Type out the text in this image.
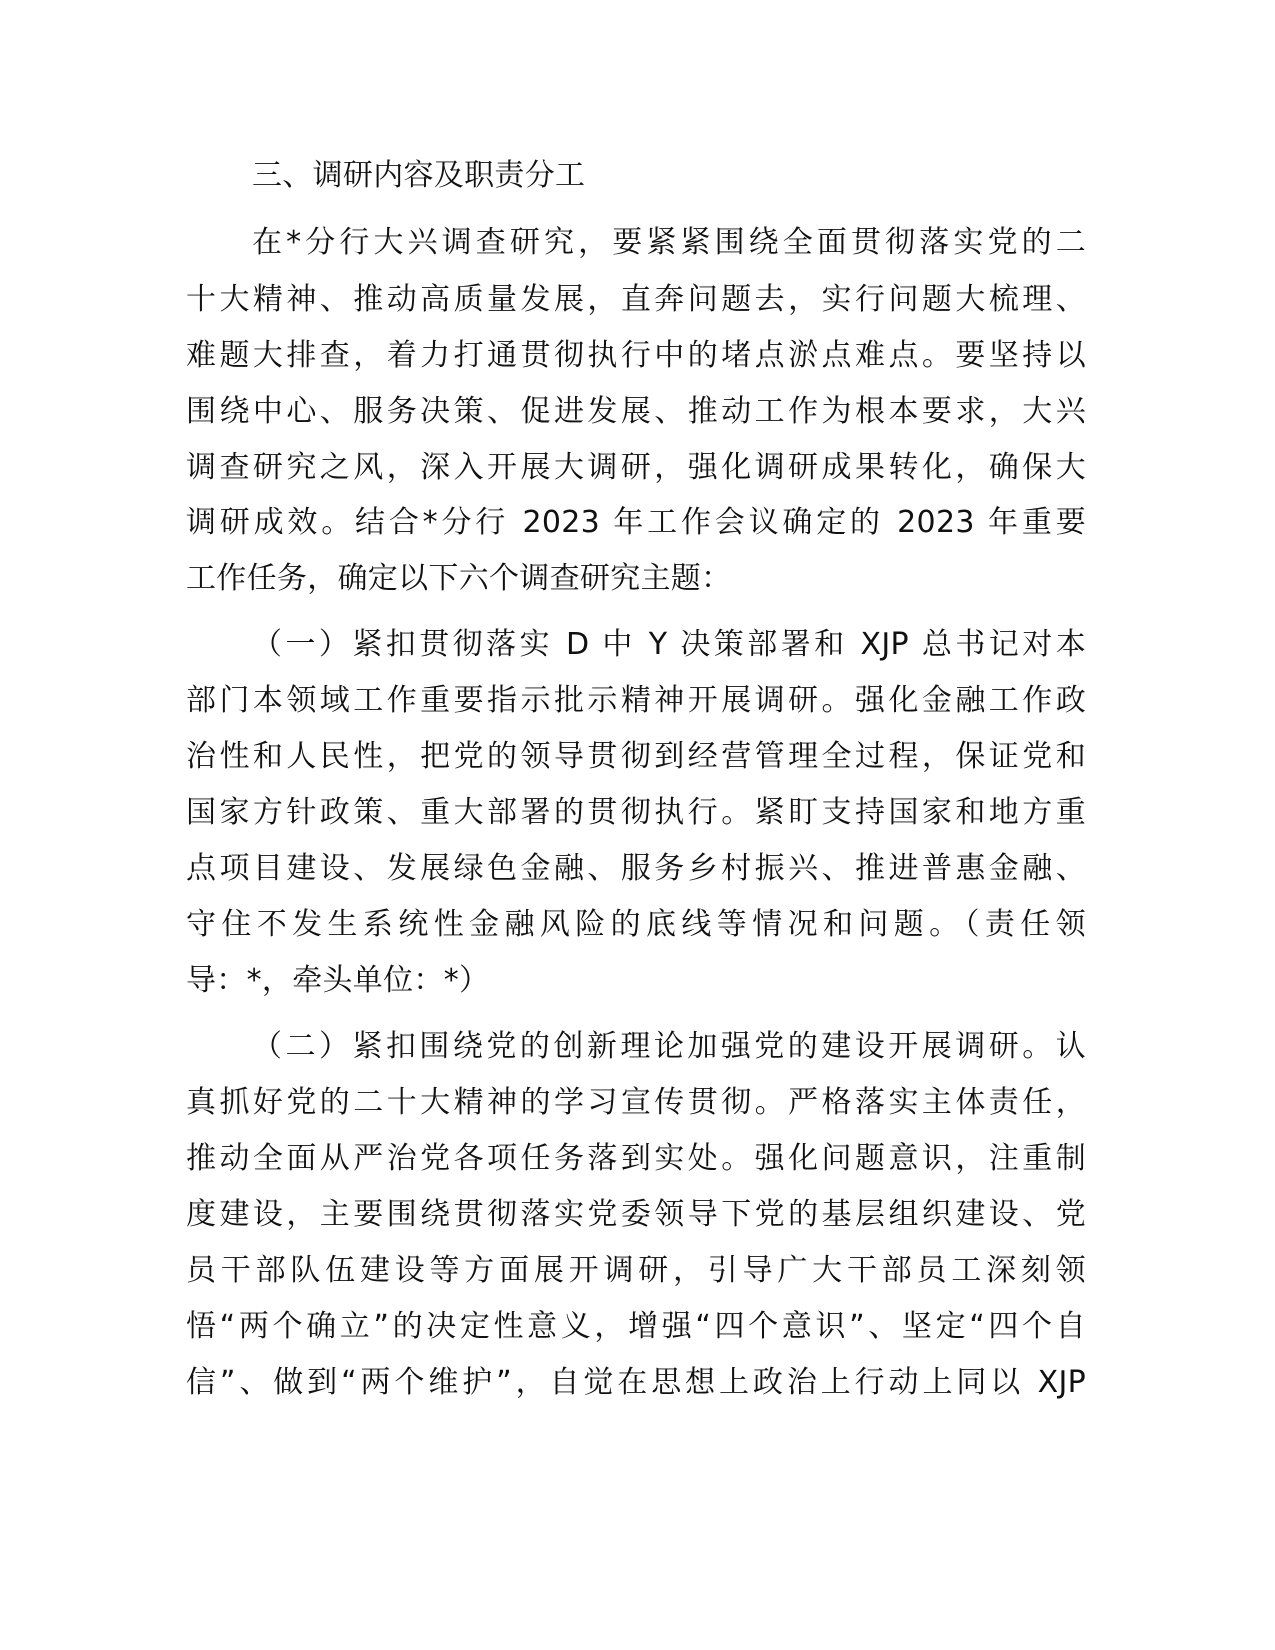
三、调研内容及职责分工
在*分行大兴调查研究，要紧紧围绕全面贯彻落实党的二
十大精神、推动高质量发展，直奔问题去，实行问题大梳理、
难题大排查，着力打通贯彻执行中的堵点淤点难点。要坚持以
围绕中心、服务决策、促进发展、推动工作为根本要求，大兴
调查研究之风，深入开展大调研，强化调研成果转化，确保大
调研成效。结合*分行 2023 年工作会议确定的 2023 年重要
工作任务，确定以下六个调查研究主题：
（一）紧扣贯彻落实 D 中 Y 决策部署和 XJP 总书记对本
部门本领域工作重要指示批示精神开展调研。强化金融工作政
治性和人民性，把党的领导贯彻到经营管理全过程，保证党和
国家方针政策、重大部署的贯彻执行。紧盯支持国家和地方重
点项目建设、发展绿色金融、服务乡村振兴、推进普惠金融、
守住不发生系统性金融风险的底线等情况和问题。（责任领
导：*，牵头单位：*）
（二）紧扣围绕党的创新理论加强党的建设开展调研。认
真抓好党的二十大精神的学习宣传贯彻。严格落实主体责任，
推动全面从严治党各项任务落到实处。强化问题意识，注重制
度建设，主要围绕贯彻落实党委领导下党的基层组织建设、党
员干部队伍建设等方面展开调研，引导广大干部员工深刻领
悟“两个确立”的决定性意义，增强“四个意识”、坚定“四个自
信”、做到“两个维护”，自觉在思想上政治上行动上同以 XJP
